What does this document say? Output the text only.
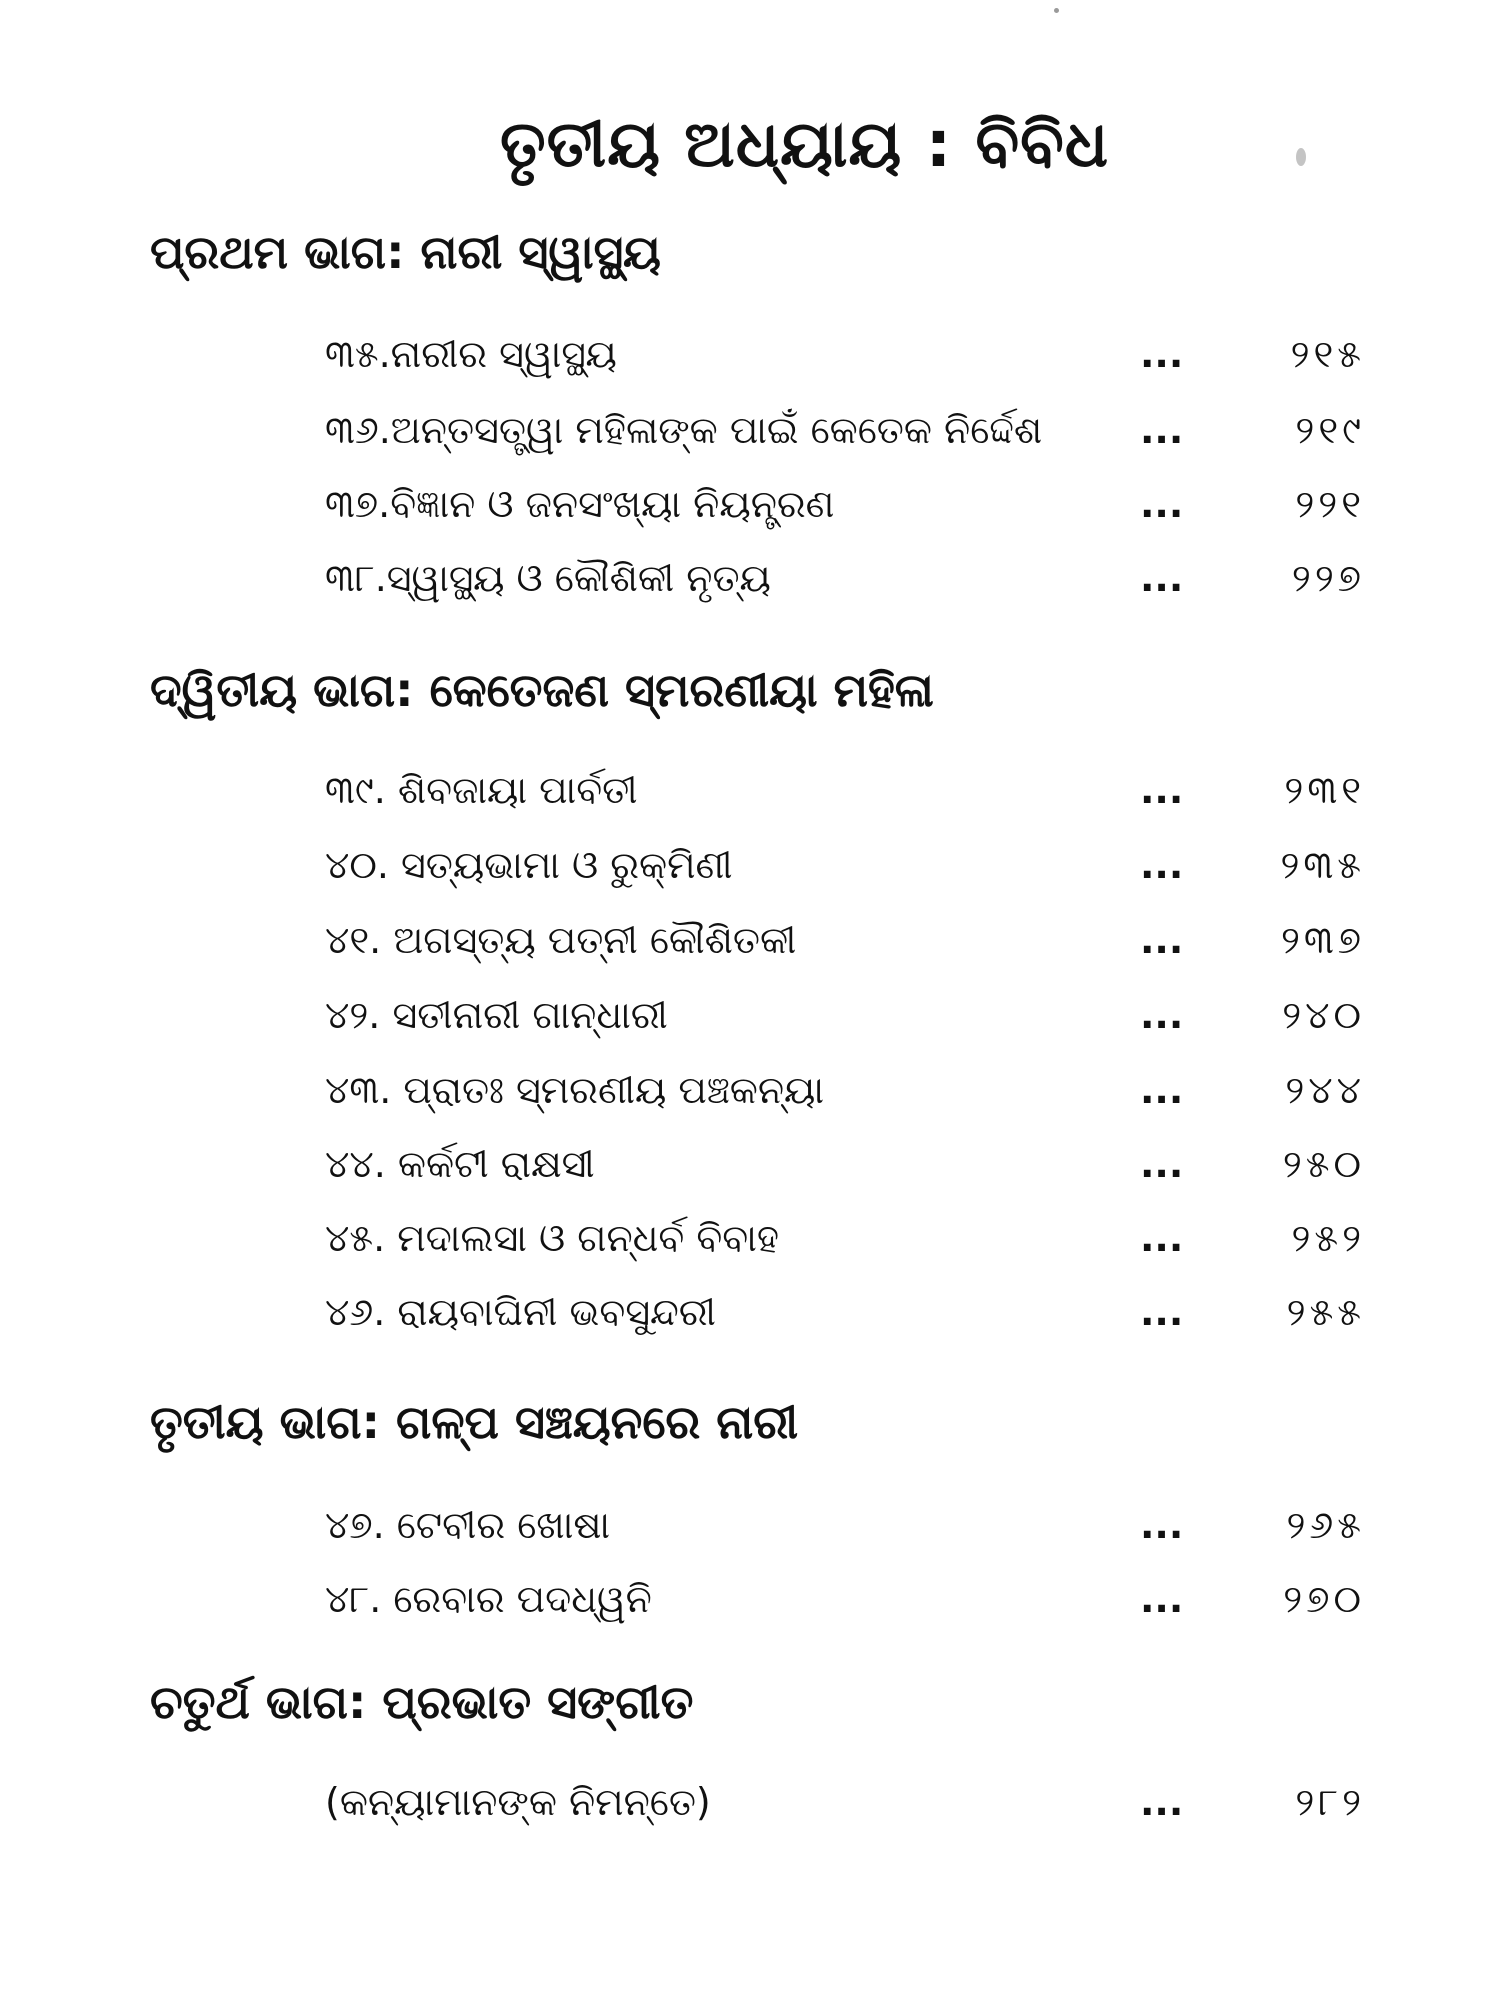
ତୃତୀୟ ଅଧ୍ୟାୟ : ବିବିଧ
ପ୍ରଥମ ଭାଗ: ନାରୀ ସ୍ୱାସ୍ଥ୍ୟ
୩୫.ନାରୀର ସ୍ୱାସ୍ଥ୍ୟ	...	୨୧୫
୩୬.ଅନ୍ତସତ୍ତ୍ୱା ମହିଳାଙ୍କ ପାଇଁ କେତେକ ନିର୍ଦ୍ଦେଶ	...	୨୧୯
୩୭.ବିଜ୍ଞାନ ଓ ଜନସଂଖ୍ୟା ନିୟନ୍ତ୍ରଣ	...	୨୨୧
୩୮.ସ୍ୱାସ୍ଥ୍ୟ ଓ କୌଶିକୀ ନୃତ୍ୟ	...	୨୨୭
ଦ୍ୱିତୀୟ ଭାଗ: କେତେଜଣ ସ୍ମରଣୀୟା ମହିଳା
୩୯. ଶିବଜାୟା ପାର୍ବତୀ	...	୨୩୧
୪୦. ସତ୍ୟଭାମା ଓ ରୁକ୍ମିଣୀ	...	୨୩୫
୪୧. ଅଗସ୍ତ୍ୟ ପତ୍ନୀ କୌଶିତକୀ	...	୨୩୭
୪୨. ସତୀନାରୀ ଗାନ୍ଧାରୀ	...	୨୪୦
୪୩. ପ୍ରାତଃ ସ୍ମରଣୀୟ ପଞ୍ଚକନ୍ୟା	...	୨୪୪
୪୪. କର୍କଟୀ ରାକ୍ଷସୀ	...	୨୫୦
୪୫. ମଦାଲସା ଓ ଗନ୍ଧର୍ବ ବିବାହ	...	୨୫୨
୪୬. ରାୟବାଘିନୀ ଭବସୁନ୍ଦରୀ	...	୨୫୫
ତୃତୀୟ ଭାଗ: ଗଳ୍ପ ସଞ୍ଚୟନରେ ନାରୀ
୪୭. ଟେବୀର ଖୋଷା	...	୨୬୫
୪୮. ରେବାର ପଦଧ୍ୱନି	...	୨୭୦
ଚତୁର୍ଥ ଭାଗ: ପ୍ରଭାତ ସଙ୍ଗୀତ
(କନ୍ୟାମାନଙ୍କ ନିମନ୍ତେ)	...	୨୮୨
